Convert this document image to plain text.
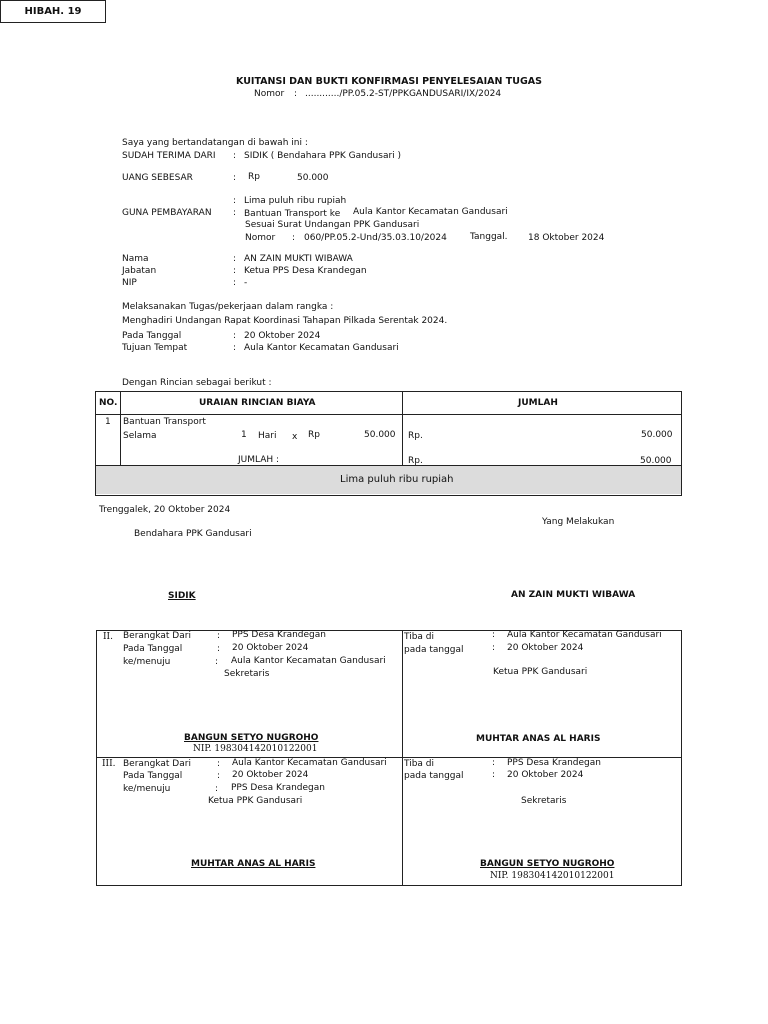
HIBAH. 19
KUITANSI DAN BUKTI KONFIRMASI PENYELESAIAN TUGAS
Nomor : ............/PP.05.2-ST/PPKGANDUSARI/IX/2024
Saya yang bertandatangan di bawah ini :
SUDAH TERIMA DARI : SIDIK ( Bendahara PPK Gandusari )
UANG SEBESAR	: Rp	50.000
: Lima puluh ribu rupiah
GUNA PEMBAYARAN : Bantuan Transport ke Aula Kantor Kecamatan Gandusari
Sesuai Surat Undangan PPK Gandusari
Nomor : 060/PP.05.2-Und/35.03.10/2024	Tanggal. 18 Oktober 2024
Nama	: AN ZAIN MUKTI WIBAWA
Jabatan	: Ketua PPS Desa Krandegan
NIP	: -
Melaksanakan Tugas/pekerjaan dalam rangka :
Menghadiri Undangan Rapat Koordinasi Tahapan Pilkada Serentak 2024.
Pada Tanggal	: 20 Oktober 2024
Tujuan Tempat	: Aula Kantor Kecamatan Gandusari
Dengan Rincian sebagai berikut :
NO.	URAIAN RINCIAN BIAYA	JUMLAH
1 Bantuan Transport
Selama	1 Hari x Rp	50.000 Rp.	50.000
JUMLAH :	Rp.	50.000
Lima puluh ribu rupiah
Trenggalek, 20 Oktober 2024
Yang Melakukan
Bendahara PPK Gandusari
SIDIK	AN ZAIN MUKTI WIBAWA
II. Berangkat Dari	: PPS Desa Krandegan
Pada Tanggal	: 20 Oktober 2024
ke/menuju	: Aula Kantor Kecamatan Gandusari
Sekretaris
BANGUN SETYO NUGROHO
NIP. 198304142010122001
Tiba di	: Aula Kantor Kecamatan Gandusari
pada tanggal	: 20 Oktober 2024
Ketua PPK Gandusari
MUHTAR ANAS AL HARIS
III. Berangkat Dari	: Aula Kantor Kecamatan Gandusari
Pada Tanggal	: 20 Oktober 2024
ke/menuju	: PPS Desa Krandegan
Ketua PPK Gandusari
MUHTAR ANAS AL HARIS
Tiba di	: PPS Desa Krandegan
pada tanggal	: 20 Oktober 2024
Sekretaris
BANGUN SETYO NUGROHO
NIP. 198304142010122001
